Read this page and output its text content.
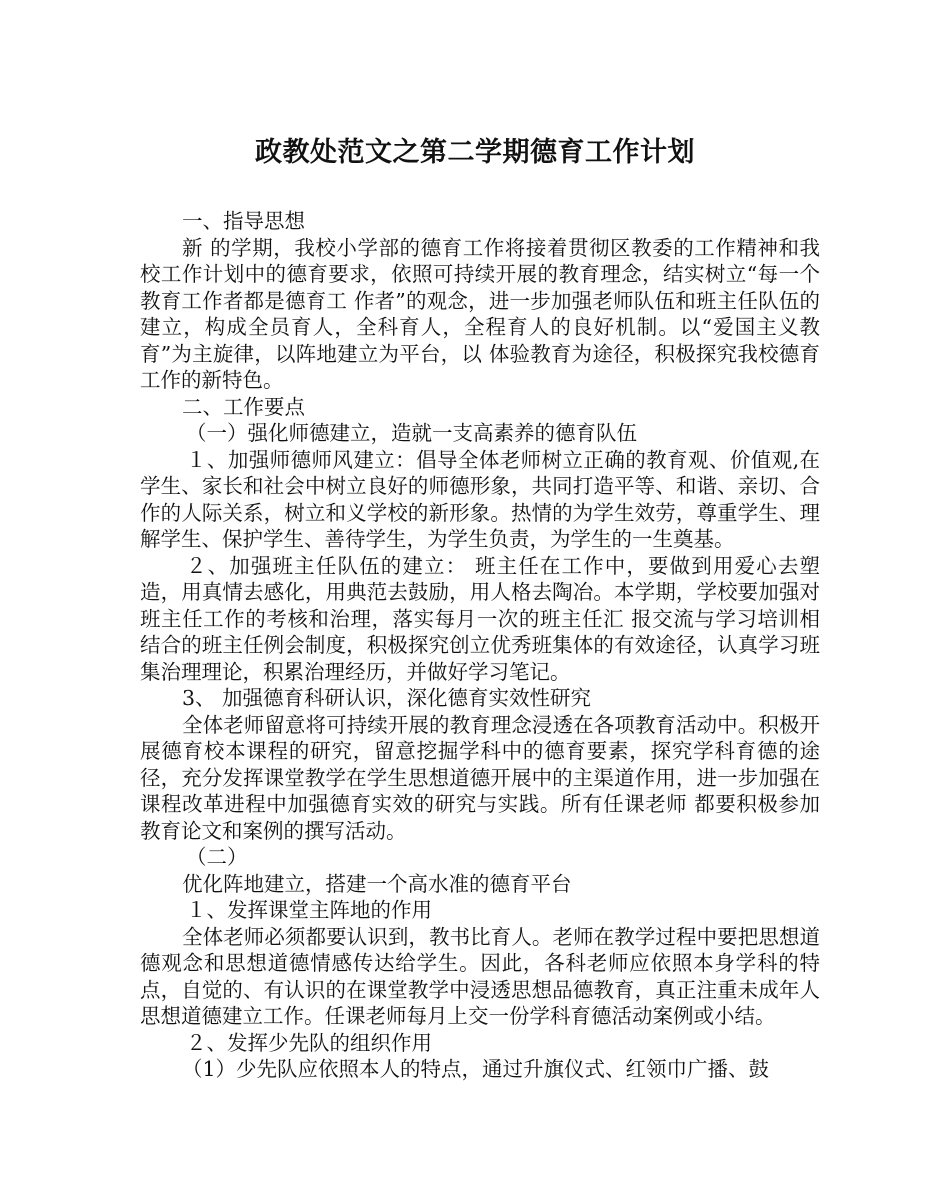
政教处范文之第二学期德育工作计划

一、指导思想

新 的学期，我校小学部的德育工作将接着贯彻区教委的工作精神和我校工作计划中的德育要求，依照可持续开展的教育理念，结实树立“每一个教育工作者都是德育工 作者”的观念，进一步加强老师队伍和班主任队伍的建立，构成全员育人，全科育人，全程育人的良好机制。以“爱国主义教育”为主旋律，以阵地建立为平台，以 体验教育为途径，积极探究我校德育工作的新特色。

二、工作要点

（一）强化师德建立，造就一支高素养的德育队伍

１、加强师德师风建立：倡导全体老师树立正确的教育观、价值观,在学生、家长和社会中树立良好的师德形象，共同打造平等、和谐、亲切、合作的人际关系，树立和义学校的新形象。热情的为学生效劳，尊重学生、理解学生、保护学生、善待学生，为学生负责，为学生的一生奠基。

２、加强班主任队伍的建立： 班主任在工作中，要做到用爱心去塑造，用真情去感化，用典范去鼓励，用人格去陶冶。本学期，学校要加强对班主任工作的考核和治理，落实每月一次的班主任汇 报交流与学习培训相结合的班主任例会制度，积极探究创立优秀班集体的有效途径，认真学习班集治理理论，积累治理经历，并做好学习笔记。

3、 加强德育科研认识，深化德育实效性研究

全体老师留意将可持续开展的教育理念浸透在各项教育活动中。积极开展德育校本课程的研究，留意挖掘学科中的德育要素，探究学科育德的途径，充分发挥课堂教学在学生思想道德开展中的主渠道作用，进一步加强在课程改革进程中加强德育实效的研究与实践。所有任课老师 都要积极参加教育论文和案例的撰写活动。

（二）

优化阵地建立，搭建一个高水准的德育平台

１、发挥课堂主阵地的作用

全体老师必须都要认识到，教书比育人。老师在教学过程中要把思想道德观念和思想道德情感传达给学生。因此，各科老师应依照本身学科的特点，自觉的、有认识的在课堂教学中浸透思想品德教育，真正注重未成年人思想道德建立工作。任课老师每月上交一份学科育德活动案例或小结。

２、发挥少先队的组织作用

（1）少先队应依照本人的特点，通过升旗仪式、红领巾广播、鼓
